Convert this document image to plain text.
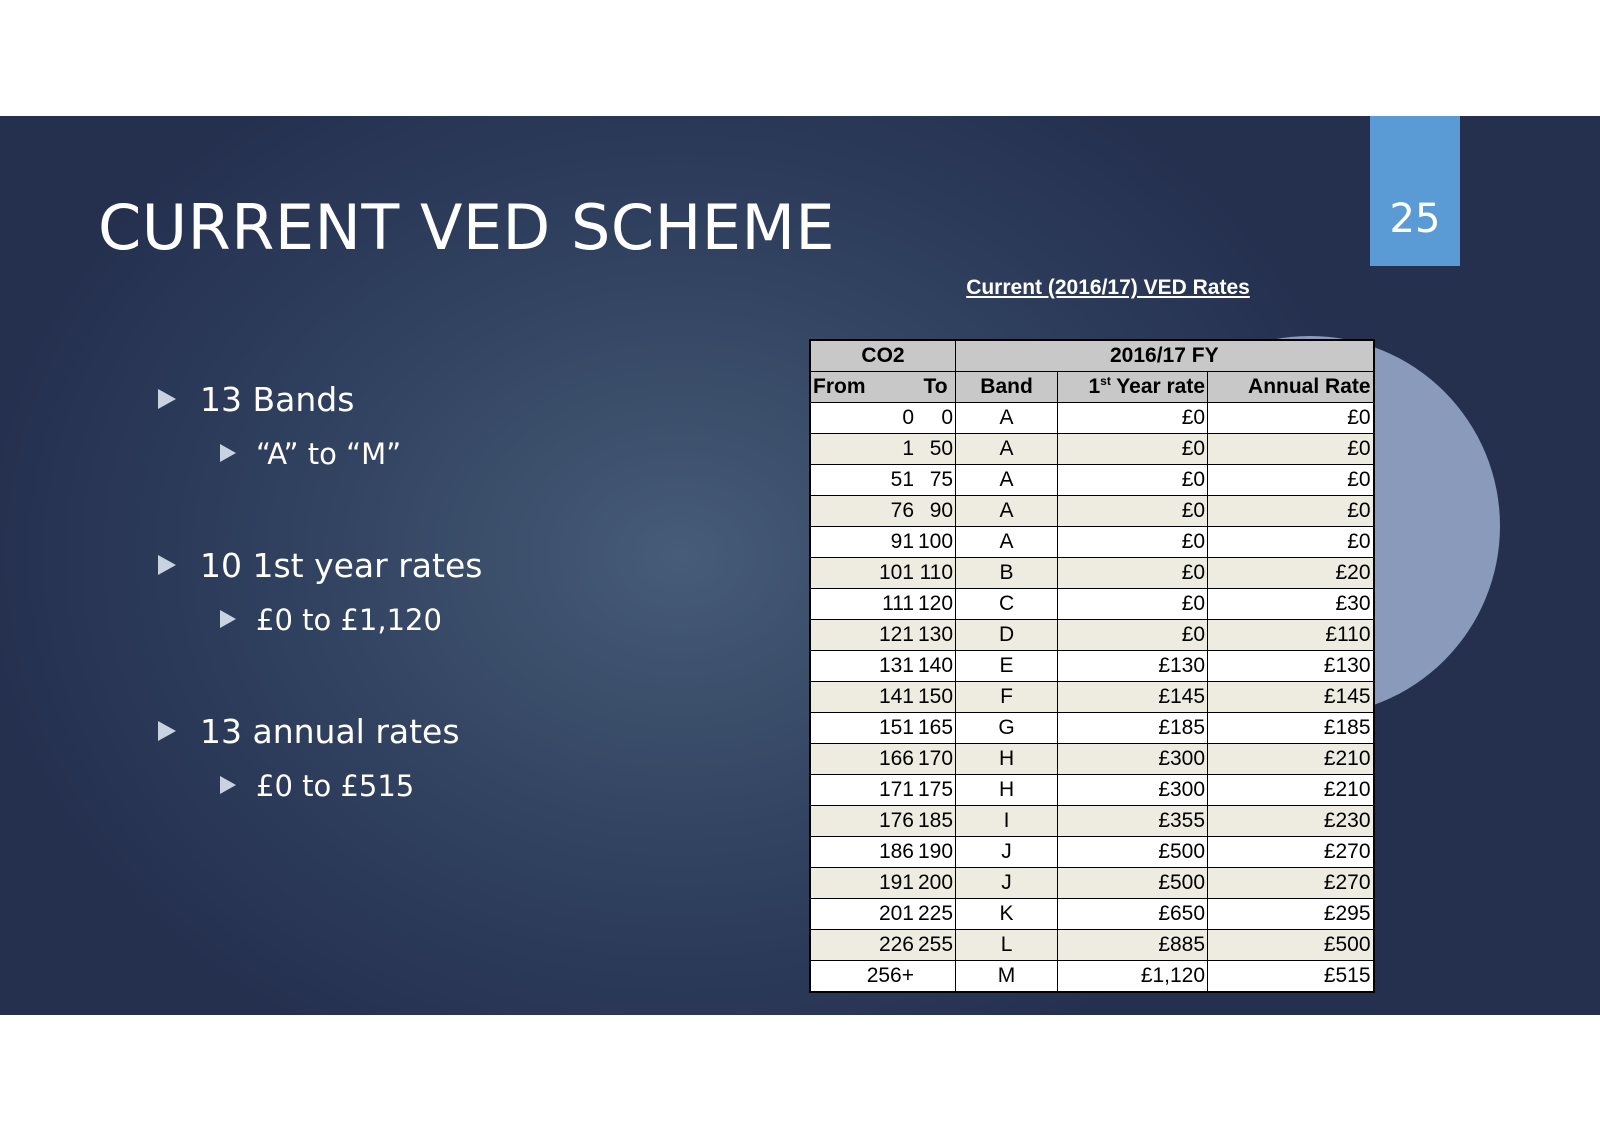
25
CURRENT VED SCHEME
Current (2016/17) VED Rates
13 Bands
“A” to “M”
10 1st year rates
£0 to £1,120
13 annual rates
£0 to £515
CO2		2016/17 FY		
From	To	Band	1st Year rate	Annual Rate
0	0	A	£0	£0
1	50	A	£0	£0
51	75	A	£0	£0
76	90	A	£0	£0
91	100	A	£0	£0
101	110	B	£0	£20
111	120	C	£0	£30
121	130	D	£0	£110
131	140	E	£130	£130
141	150	F	£145	£145
151	165	G	£185	£185
166	170	H	£300	£210
171	175	H	£300	£210
176	185	I	£355	£230
186	190	J	£500	£270
191	200	J	£500	£270
201	225	K	£650	£295
226	255	L	£885	£500
256+		M	£1,120	£515
